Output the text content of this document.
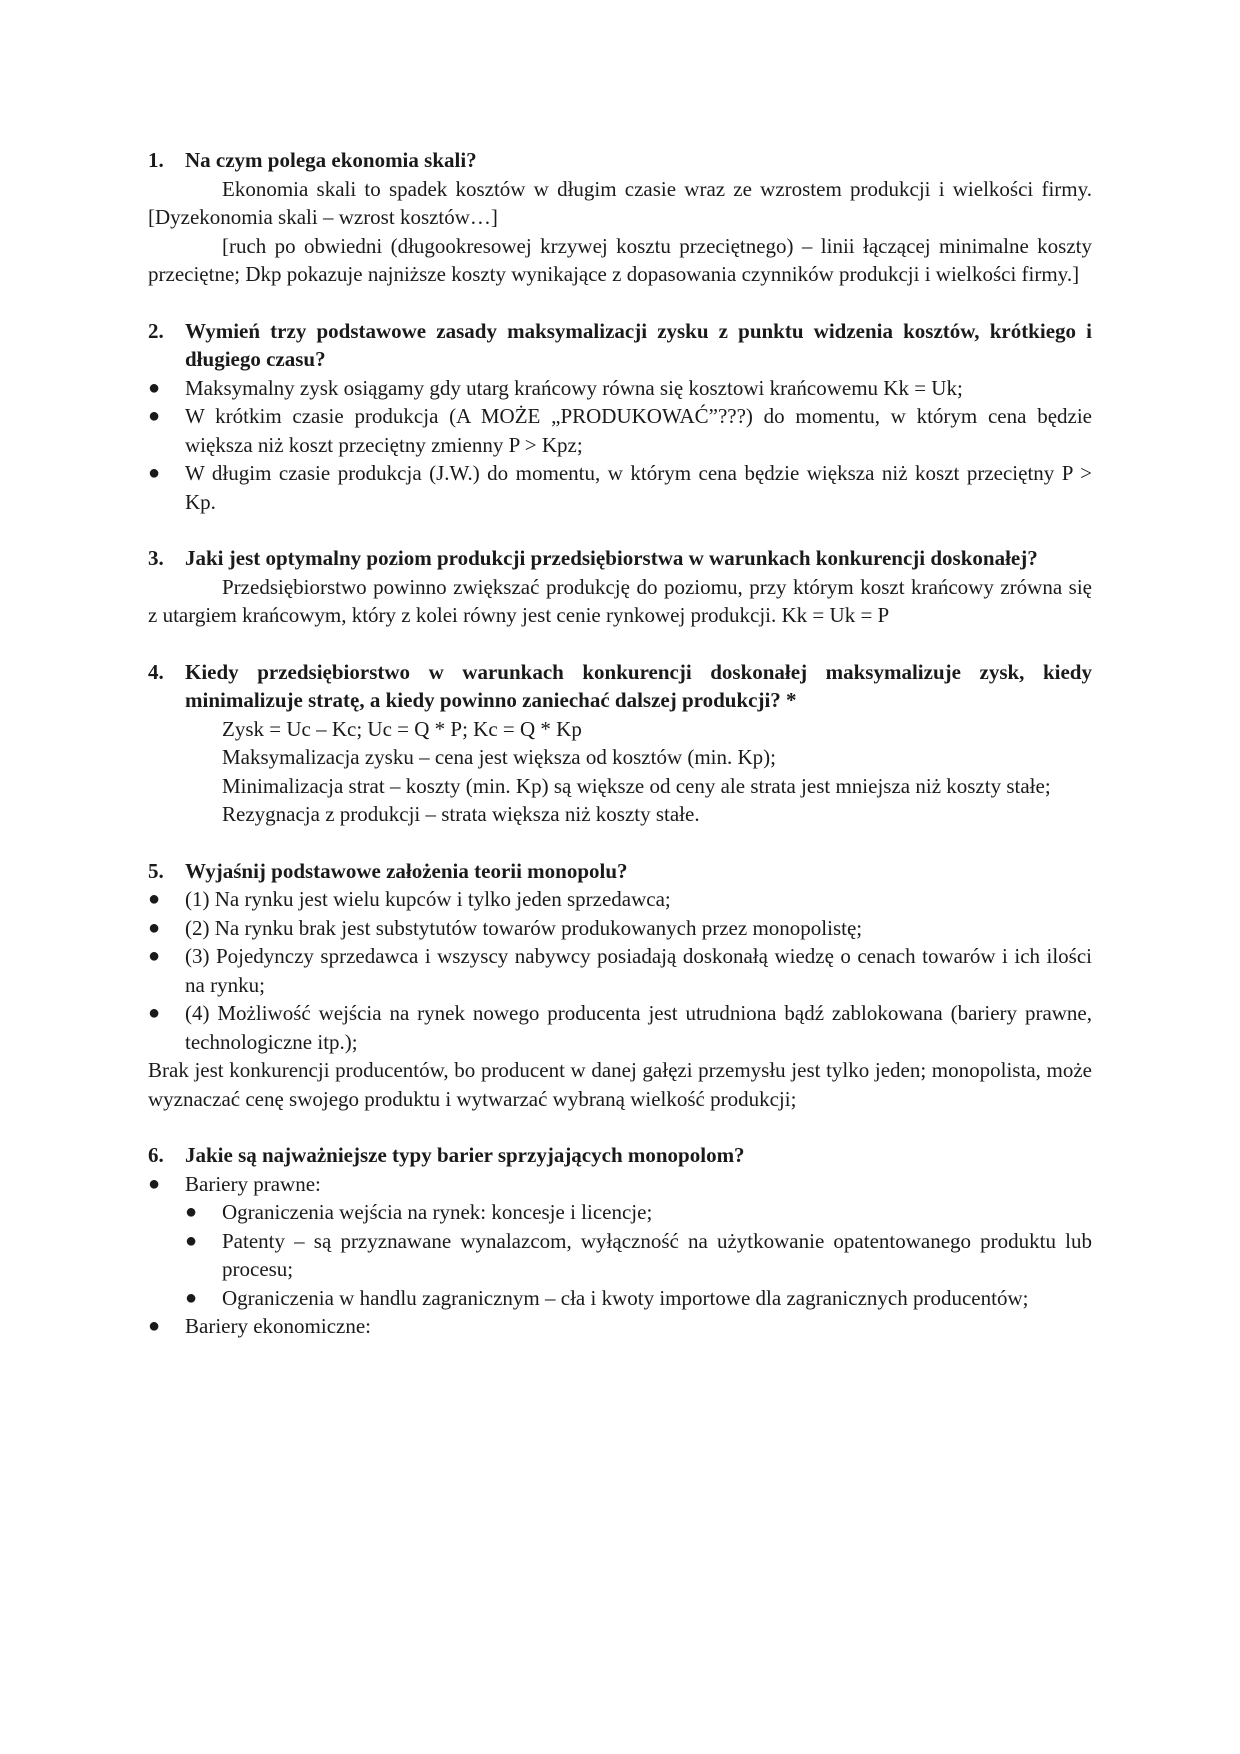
1.	Na czym polega ekonomia skali?

Ekonomia skali to spadek kosztów w długim czasie wraz ze wzrostem produkcji i wielkości firmy. [Dyzekonomia skali – wzrost kosztów…]

[ruch po obwiedni (długookresowej krzywej kosztu przeciętnego) – linii łączącej minimalne koszty przeciętne; Dkp pokazuje najniższe koszty wynikające z dopasowania czynników produkcji i wielkości firmy.]

2.	Wymień trzy podstawowe zasady maksymalizacji zysku z punktu widzenia kosztów, krótkiego i długiego czasu?
●	Maksymalny zysk osiągamy gdy utarg krańcowy równa się kosztowi krańcowemu Kk = Uk;
●	W krótkim czasie produkcja (A MOŻE „PRODUKOWAĆ”???) do momentu, w którym cena będzie większa niż koszt przeciętny zmienny P > Kpz;
●	W długim czasie produkcja (J.W.) do momentu, w którym cena będzie większa niż koszt przeciętny P > Kp.
3.	Jaki jest optymalny poziom produkcji przedsiębiorstwa w warunkach konkurencji doskonałej?

Przedsiębiorstwo powinno zwiększać produkcję do poziomu, przy którym koszt krańcowy zrówna się z utargiem krańcowym, który z kolei równy jest cenie rynkowej produkcji. Kk = Uk = P

4.	Kiedy przedsiębiorstwo w warunkach konkurencji doskonałej maksymalizuje zysk, kiedy minimalizuje stratę, a kiedy powinno zaniechać dalszej produkcji? *

Zysk = Uc – Kc; Uc = Q * P; Kc = Q * Kp

Maksymalizacja zysku – cena jest większa od kosztów (min. Kp);

Minimalizacja strat – koszty (min. Kp) są większe od ceny ale strata jest mniejsza niż koszty stałe;

Rezygnacja z produkcji – strata większa niż koszty stałe.

5.	Wyjaśnij podstawowe założenia teorii monopolu?
●	(1) Na rynku jest wielu kupców i tylko jeden sprzedawca;
●	(2) Na rynku brak jest substytutów towarów produkowanych przez monopolistę;
●	(3) Pojedynczy sprzedawca i wszyscy nabywcy posiadają doskonałą wiedzę o cenach towarów i ich ilości na rynku;
●	(4) Możliwość wejścia na rynek nowego producenta jest utrudniona bądź zablokowana (bariery prawne, technologiczne itp.);

Brak jest konkurencji producentów, bo producent w danej gałęzi przemysłu jest tylko jeden; monopolista, może wyznaczać cenę swojego produktu i wytwarzać wybraną wielkość produkcji;

6.	Jakie są najważniejsze typy barier sprzyjających monopolom?
●	Bariery prawne:
●	Ograniczenia wejścia na rynek: koncesje i licencje;
●	Patenty – są przyznawane wynalazcom, wyłączność na użytkowanie opatentowanego produktu lub procesu;
●	Ograniczenia w handlu zagranicznym – cła i kwoty importowe dla zagranicznych producentów;
●	Bariery ekonomiczne:
